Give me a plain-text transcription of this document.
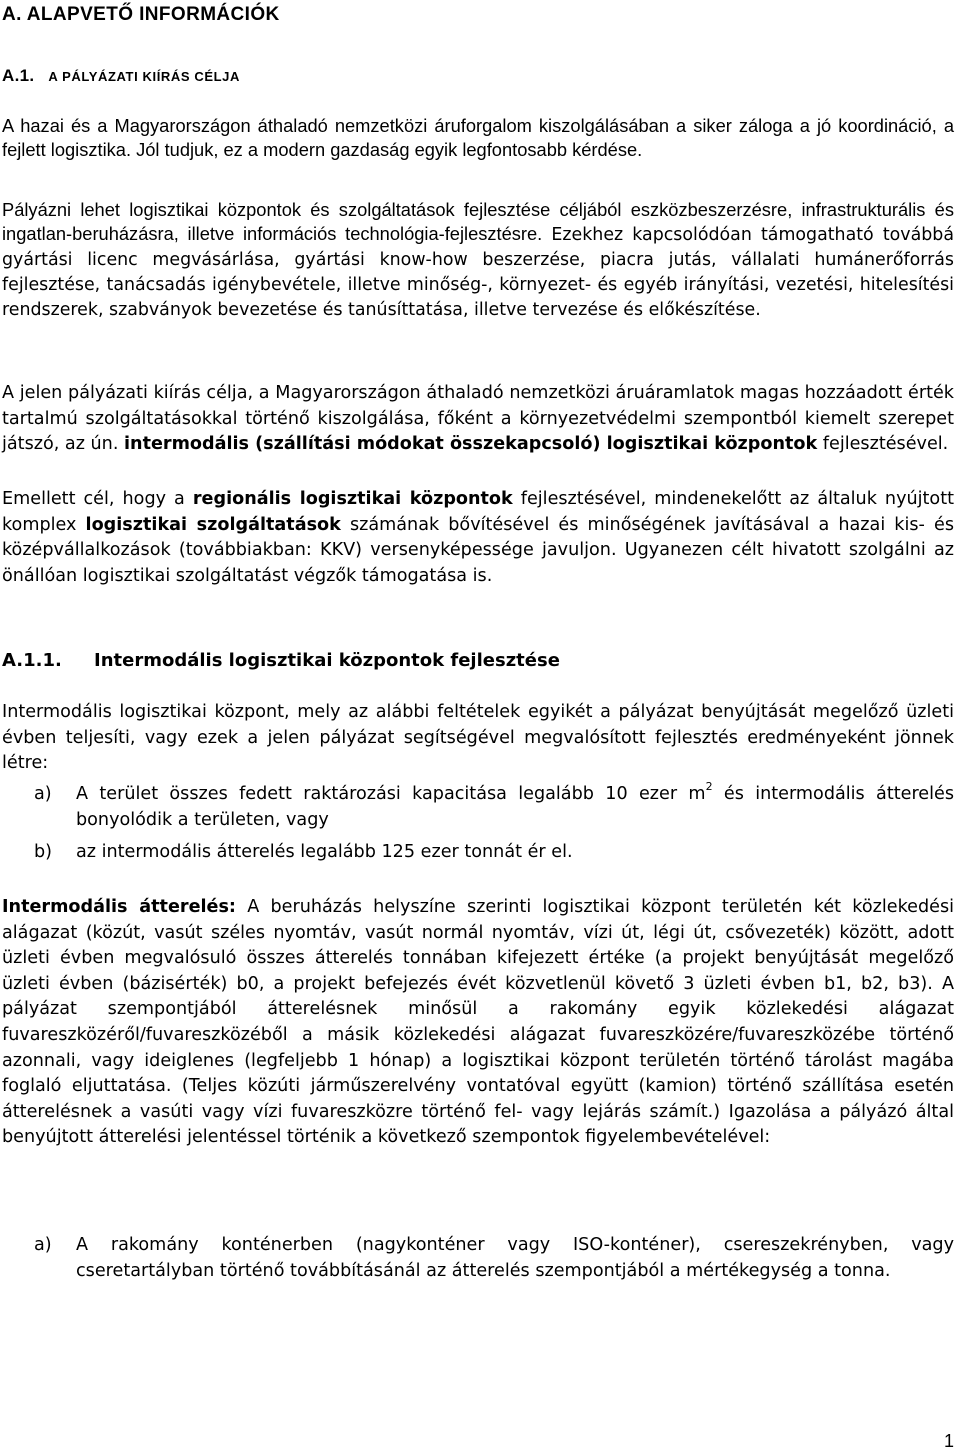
A. ALAPVETŐ INFORMÁCIÓK
A.1. A PÁLYÁZATI KIÍRÁS CÉLJA

A hazai és a Magyarországon áthaladó nemzetközi áruforgalom kiszolgálásában a siker záloga a jó koordináció, a fejlett logisztika. Jól tudjuk, ez a modern gazdaság egyik legfontosabb kérdése.

Pályázni lehet logisztikai központok és szolgáltatások fejlesztése céljából eszközbeszerzésre, infrastrukturális és ingatlan-beruházásra, illetve információs technológia-fejlesztésre. Ezekhez kapcsolódóan támogatható továbbá gyártási licenc megvásárlása, gyártási know-how beszerzése, piacra jutás, vállalati humánerőforrás fejlesztése, tanácsadás igénybevétele, illetve minőség-, környezet- és egyéb irányítási, vezetési, hitelesítési rendszerek, szabványok bevezetése és tanúsíttatása, illetve tervezése és előkészítése.

A jelen pályázati kiírás célja, a Magyarországon áthaladó nemzetközi áruáramlatok magas hozzáadott érték tartalmú szolgáltatásokkal történő kiszolgálása, főként a környezetvédelmi szempontból kiemelt szerepet játszó, az ún. intermodális (szállítási módokat összekapcsoló) logisztikai központok fejlesztésével.

Emellett cél, hogy a regionális logisztikai központok fejlesztésével, mindenekelőtt az általuk nyújtott komplex logisztikai szolgáltatások számának bővítésével és minőségének javításával a hazai kis- és középvállalkozások (továbbiakban: KKV) versenyképessége javuljon. Ugyanezen célt hivatott szolgálni az önállóan logisztikai szolgáltatást végzők támogatása is.

A.1.1. Intermodális logisztikai központok fejlesztése

Intermodális logisztikai központ, mely az alábbi feltételek egyikét a pályázat benyújtását megelőző üzleti évben teljesíti, vagy ezek a jelen pályázat segítségével megvalósított fejlesztés eredményeként jönnek létre:

a) A terület összes fedett raktározási kapacitása legalább 10 ezer $m^2$ és intermodális átterelés bonyolódik a területen, vagy
b) az intermodális átterelés legalább 125 ezer tonnát ér el.

Intermodális átterelés: A beruházás helyszíne szerinti logisztikai központ területén két közlekedési alágazat (közút, vasút széles nyomtáv, vasút normál nyomtáv, vízi út, légi út, csővezeték) között, adott üzleti évben megvalósuló összes átterelés tonnában kifejezett értéke (a projekt benyújtását megelőző üzleti évben (bázisérték) b0, a projekt befejezés évét közvetlenül követő 3 üzleti évben b1, b2, b3). A pályázat szempontjából átterelésnek minősül a rakomány egyik közlekedési alágazat fuvareszközéről/fuvareszközéből a másik közlekedési alágazat fuvareszközére/fuvareszközébe történő azonnali, vagy ideiglenes (legfeljebb 1 hónap) a logisztikai központ területén történő tárolást magába foglaló eljuttatása. (Teljes közúti járműszerelvény vontatóval együtt (kamion) történő szállítása esetén átterelésnek a vasúti vagy vízi fuvareszközre történő fel- vagy lejárás számít.) Igazolása a pályázó által benyújtott átterelési jelentéssel történik a következő szempontok figyelembevételével:

a) A rakomány konténerben (nagykonténer vagy ISO-konténer), csereszekrényben, vagy cseretartályban történő továbbításánál az átterelés szempontjából a mértékegység a tonna.
1
